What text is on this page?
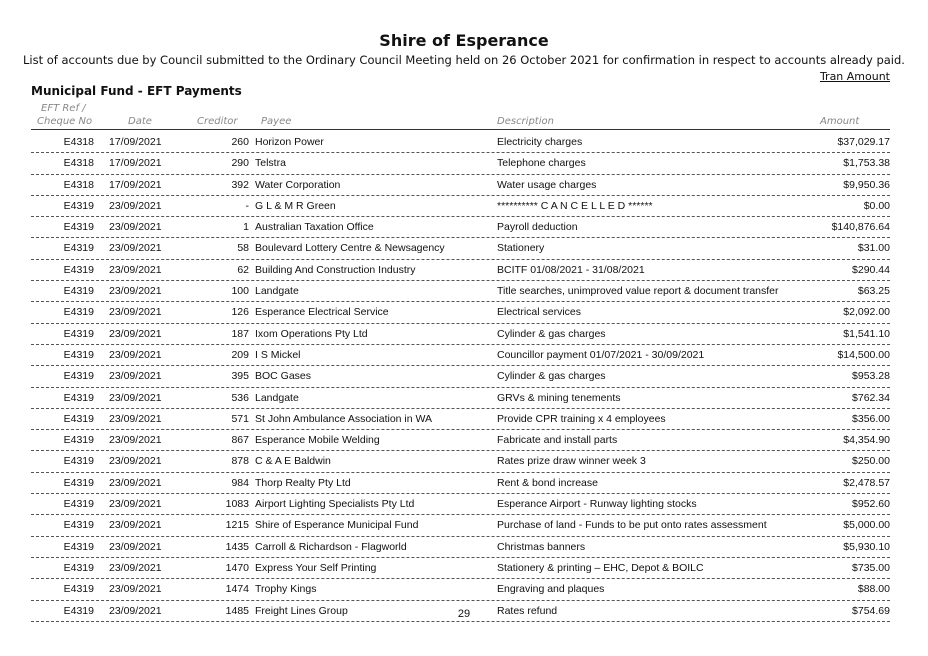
Shire of Esperance
List of accounts due by Council submitted to the Ordinary Council Meeting held on 26 October 2021 for confirmation in respect to accounts already paid.
Tran Amount
Municipal Fund - EFT Payments
EFT Ref /
Cheque No	Date	Creditor Payee	Description	Amount
E4318 17/09/2021	260 Horizon Power	Electricity charges	$37,029.17
E4318 17/09/2021	290 Telstra	Telephone charges	$1,753.38
E4318 17/09/2021	392 Water Corporation	Water usage charges	$9,950.36
E4319 23/09/2021	- G L & M R Green	********** C A N C E L L E D ******	$0.00
E4319 23/09/2021	1 Australian Taxation Office	Payroll deduction	$140,876.64
E4319 23/09/2021	58 Boulevard Lottery Centre & Newsagency	Stationery	$31.00
E4319 23/09/2021	62 Building And Construction Industry	BCITF 01/08/2021 - 31/08/2021	$290.44
E4319 23/09/2021	100 Landgate	Title searches, unimproved value report & document transfer	$63.25
E4319 23/09/2021	126 Esperance Electrical Service	Electrical services	$2,092.00
E4319 23/09/2021	187 Ixom Operations Pty Ltd	Cylinder & gas charges	$1,541.10
E4319 23/09/2021	209 I S Mickel	Councillor payment 01/07/2021 - 30/09/2021	$14,500.00
E4319 23/09/2021	395 BOC Gases	Cylinder & gas charges	$953.28
E4319 23/09/2021	536 Landgate	GRVs & mining tenements	$762.34
E4319 23/09/2021	571 St John Ambulance Association in WA	Provide CPR training x 4 employees	$356.00
E4319 23/09/2021	867 Esperance Mobile Welding	Fabricate and install parts	$4,354.90
E4319 23/09/2021	878 C & A E Baldwin	Rates prize draw winner week 3	$250.00
E4319 23/09/2021	984 Thorp Realty Pty Ltd	Rent & bond increase	$2,478.57
E4319 23/09/2021	1083 Airport Lighting Specialists Pty Ltd	Esperance Airport - Runway lighting stocks	$952.60
E4319 23/09/2021	1215 Shire of Esperance Municipal Fund	Purchase of land - Funds to be put onto rates assessment	$5,000.00
E4319 23/09/2021	1435 Carroll & Richardson - Flagworld	Christmas banners	$5,930.10
E4319 23/09/2021	1470 Express Your Self Printing	Stationery & printing – EHC, Depot & BOILC	$735.00
E4319 23/09/2021	1474 Trophy Kings	Engraving and plaques	$88.00
E4319 23/09/2021	1485 Freight Lines Group	Rates refund	$754.69
29
